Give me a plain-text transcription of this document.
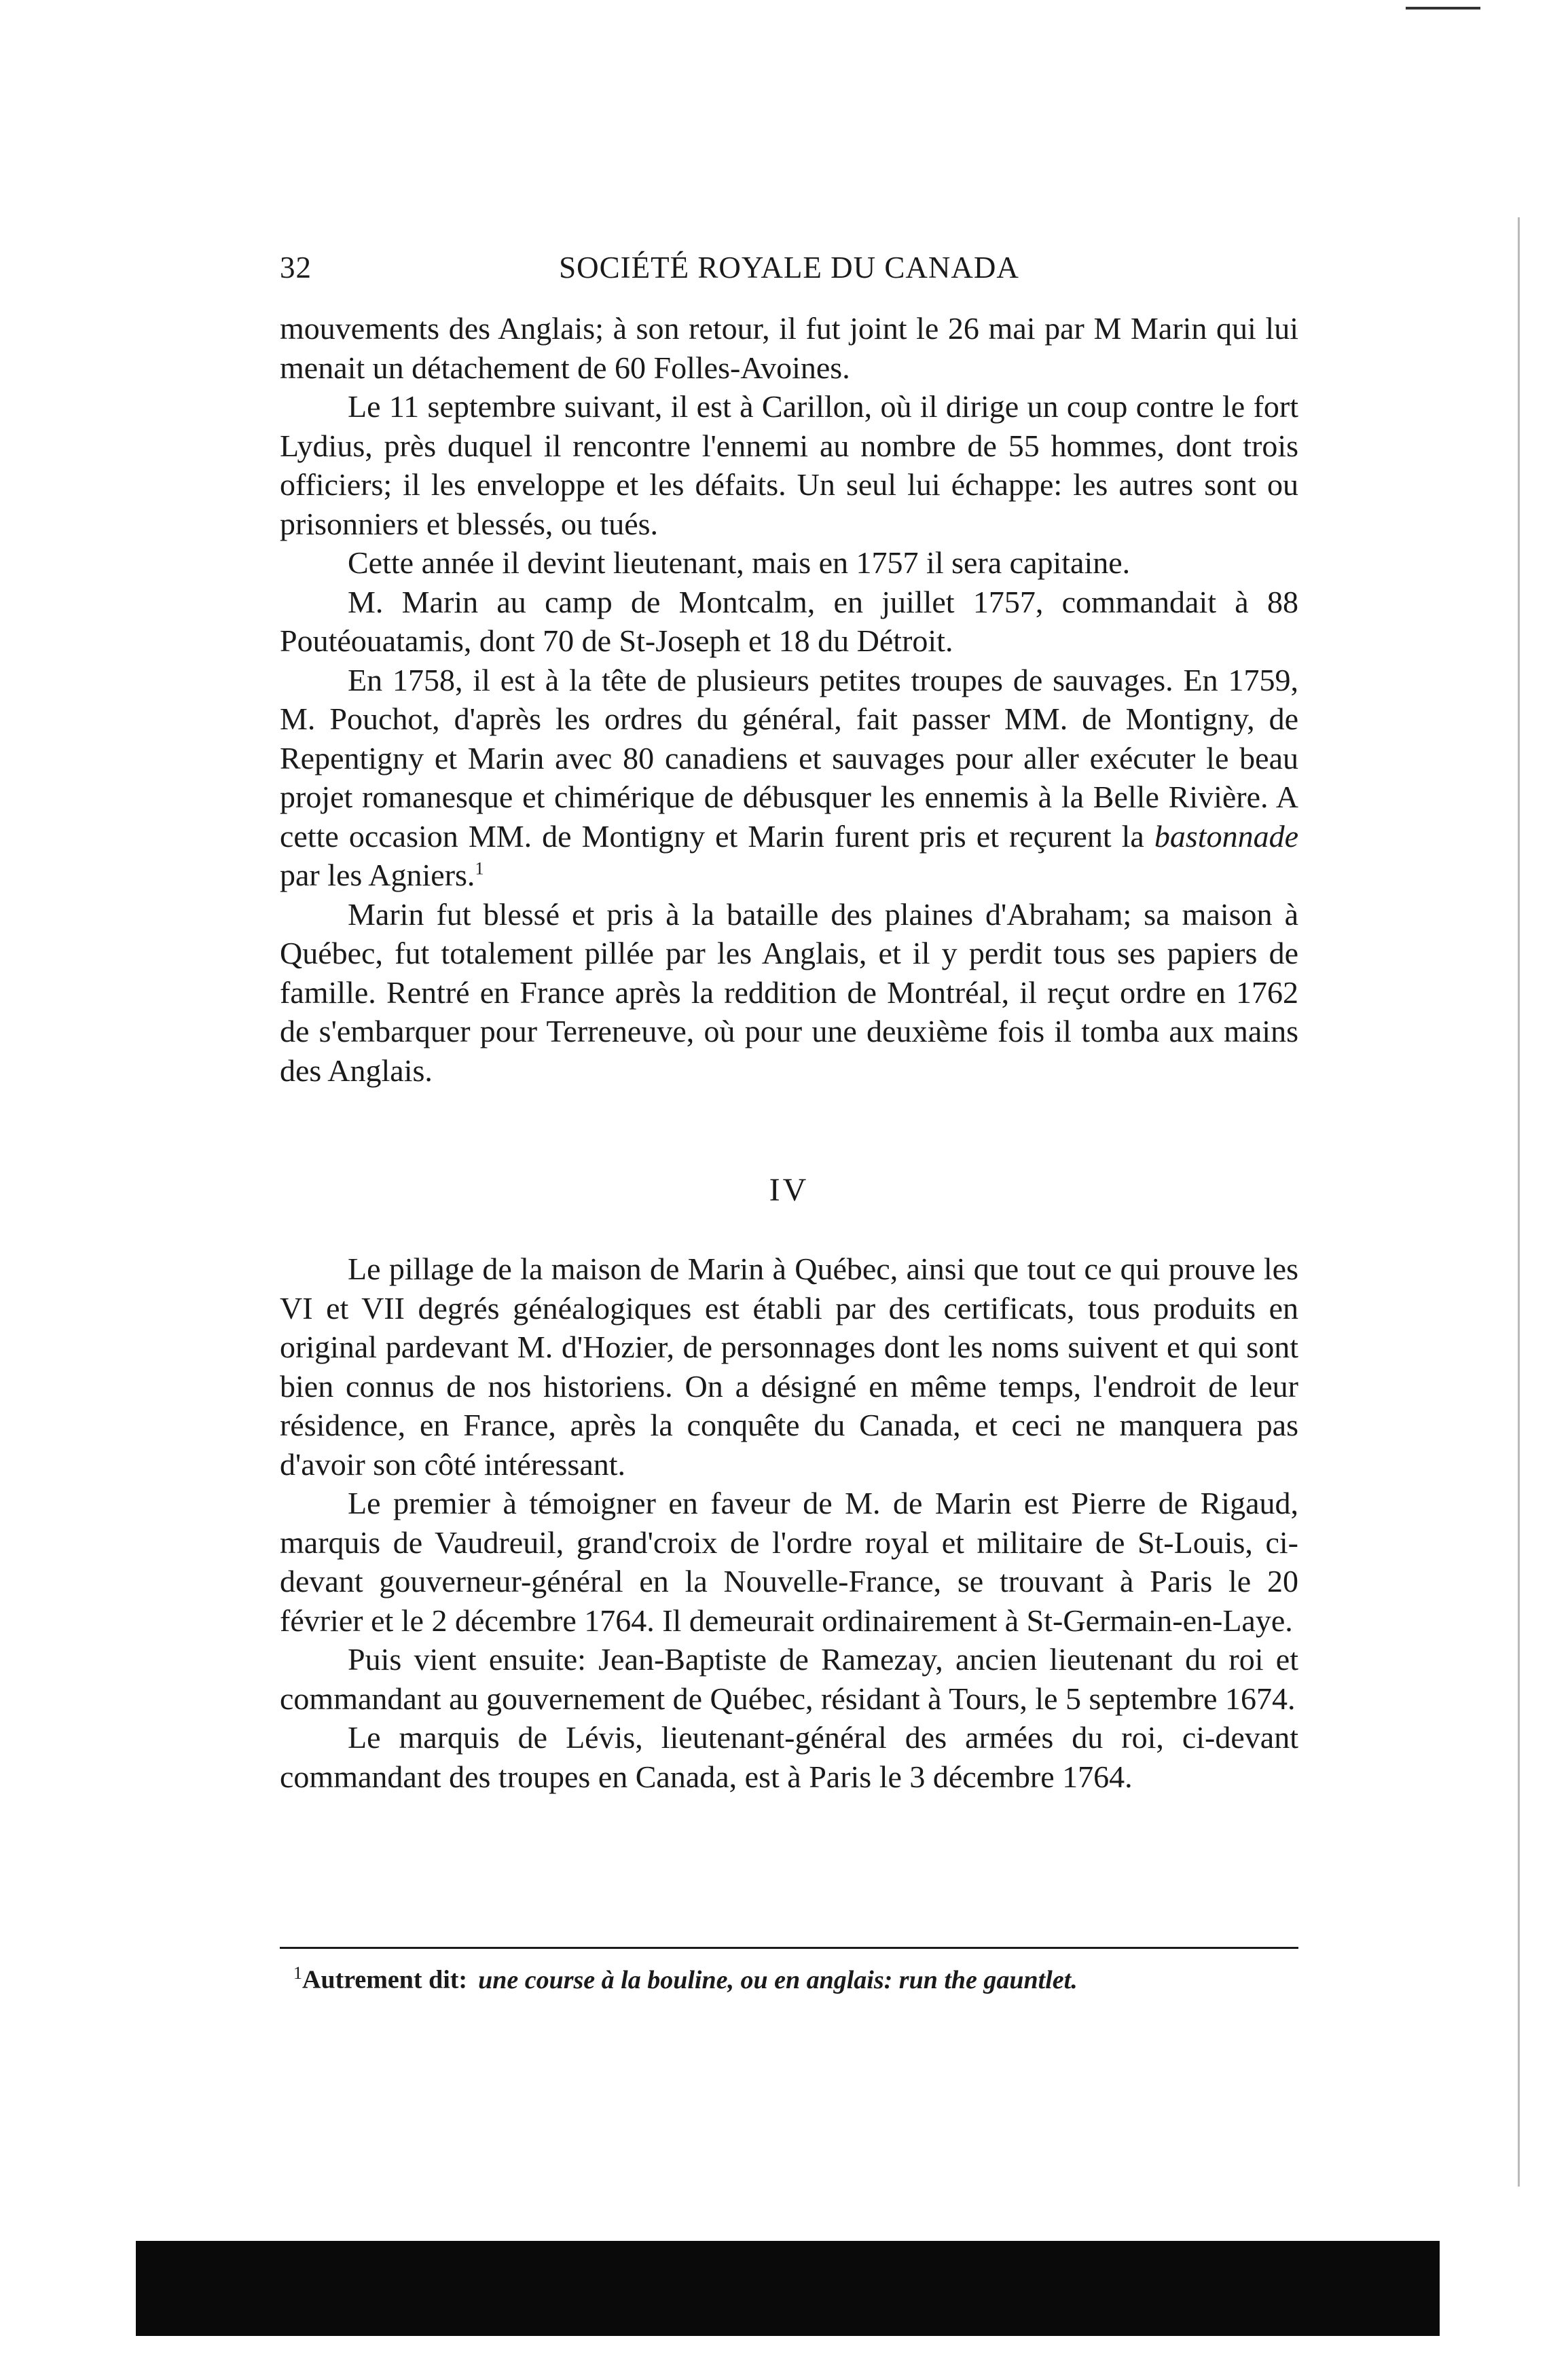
32	SOCIÉTÉ ROYALE DU CANADA

mouvements des Anglais; à son retour, il fut joint le 26 mai par M Marin qui lui menait un détachement de 60 Folles-Avoines.

Le 11 septembre suivant, il est à Carillon, où il dirige un coup contre le fort Lydius, près duquel il rencontre l'ennemi au nombre de 55 hommes, dont trois officiers; il les enveloppe et les défaits. Un seul lui échappe: les autres sont ou prisonniers et blessés, ou tués.

Cette année il devint lieutenant, mais en 1757 il sera capitaine.

M. Marin au camp de Montcalm, en juillet 1757, commandait à 88 Poutéouatamis, dont 70 de St-Joseph et 18 du Détroit.

En 1758, il est à la tête de plusieurs petites troupes de sauvages. En 1759, M. Pouchot, d'après les ordres du général, fait passer MM. de Montigny, de Repentigny et Marin avec 80 canadiens et sauvages pour aller exécuter le beau projet romanesque et chimérique de débusquer les ennemis à la Belle Rivière. A cette occasion MM. de Montigny et Marin furent pris et reçurent la bastonnade par les Agniers.$^1$

Marin fut blessé et pris à la bataille des plaines d'Abraham; sa maison à Québec, fut totalement pillée par les Anglais, et il y perdit tous ses papiers de famille. Rentré en France après la reddition de Montréal, il reçut ordre en 1762 de s'embarquer pour Terreneuve, où pour une deuxième fois il tomba aux mains des Anglais.

IV

Le pillage de la maison de Marin à Québec, ainsi que tout ce qui prouve les VI et VII degrés généalogiques est établi par des certificats, tous produits en original pardevant M. d'Hozier, de personnages dont les noms suivent et qui sont bien connus de nos historiens. On a désigné en même temps, l'endroit de leur résidence, en France, après la conquête du Canada, et ceci ne manquera pas d'avoir son côté intéressant.

Le premier à témoigner en faveur de M. de Marin est Pierre de Rigaud, marquis de Vaudreuil, grand'croix de l'ordre royal et militaire de St-Louis, ci-devant gouverneur-général en la Nouvelle-France, se trouvant à Paris le 20 février et le 2 décembre 1764. Il demeurait ordinairement à St-Germain-en-Laye.

Puis vient ensuite: Jean-Baptiste de Ramezay, ancien lieutenant du roi et commandant au gouvernement de Québec, résidant à Tours, le 5 septembre 1674.

Le marquis de Lévis, lieutenant-général des armées du roi, ci-devant commandant des troupes en Canada, est à Paris le 3 décembre 1764.

$^1$Autrement dit: une course à la bouline, ou en anglais: run the gauntlet.
